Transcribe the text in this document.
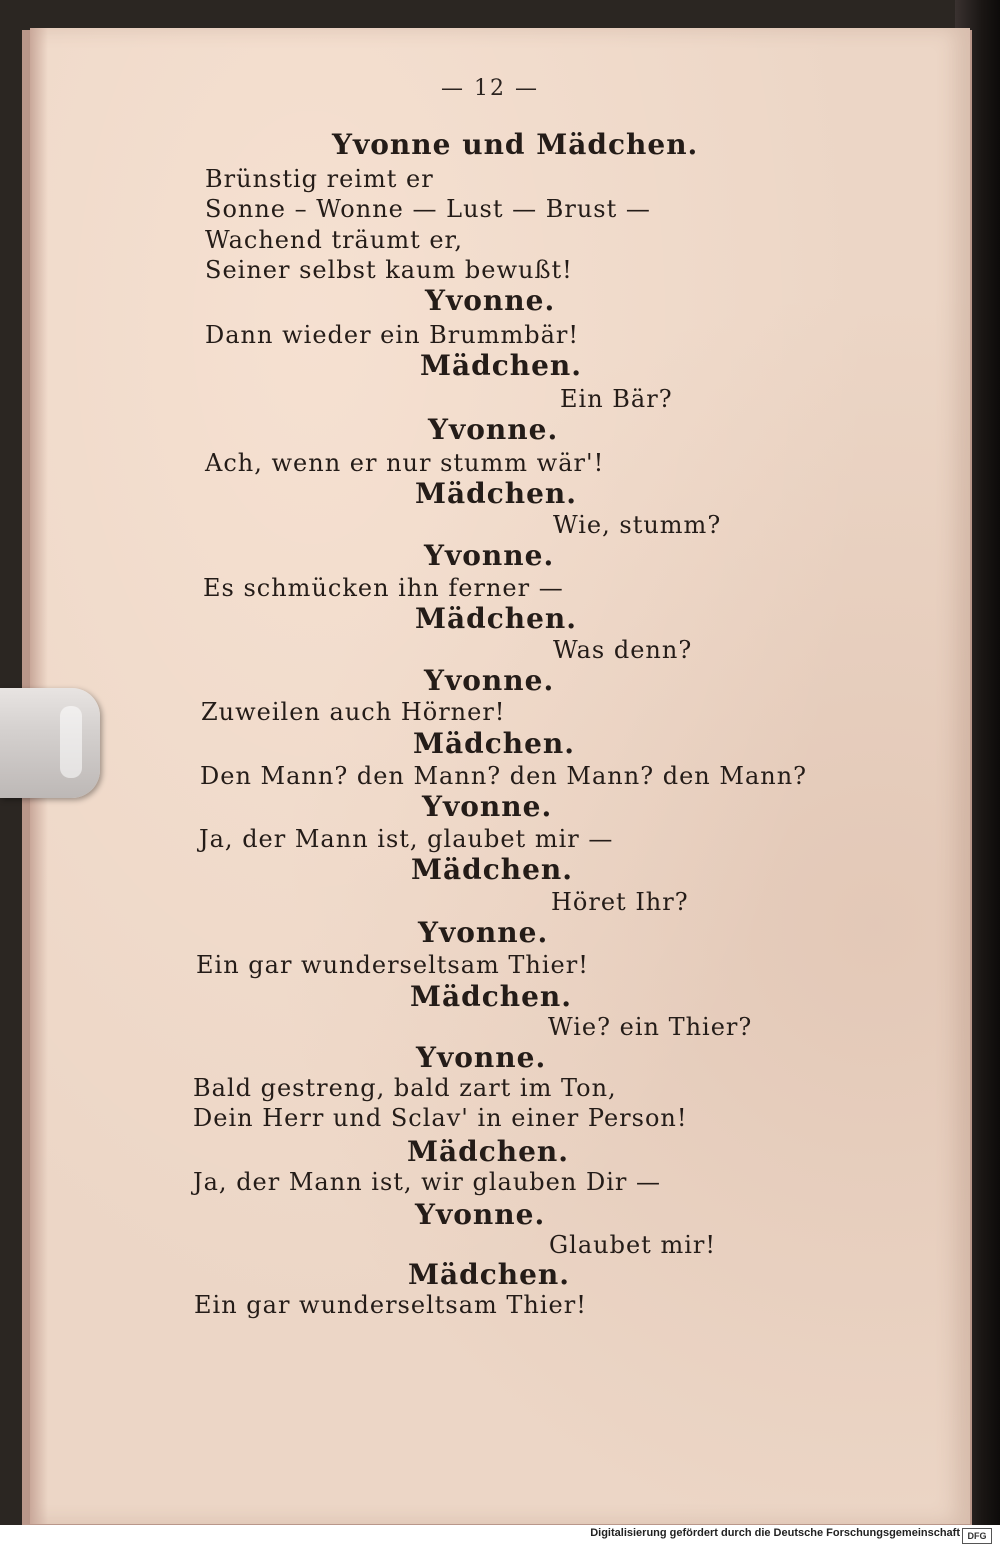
— 12 —
Yvonne und Mädchen.
Brünstig reimt er
Sonne – Wonne — Lust — Brust —
Wachend träumt er,
Seiner selbst kaum bewußt!
Yvonne.
Dann wieder ein Brummbär!
Mädchen.
Ein Bär?
Yvonne.
Ach, wenn er nur stumm wär'!
Mädchen.
Wie, stumm?
Yvonne.
Es schmücken ihn ferner —
Mädchen.
Was denn?
Yvonne.
Zuweilen auch Hörner!
Mädchen.
Den Mann? den Mann? den Mann? den Mann?
Yvonne.
Ja, der Mann ist, glaubet mir —
Mädchen.
Höret Ihr?
Yvonne.
Ein gar wunderseltsam Thier!
Mädchen.
Wie? ein Thier?
Yvonne.
Bald gestreng, bald zart im Ton,
Dein Herr und Sclav' in einer Person!
Mädchen.
Ja, der Mann ist, wir glauben Dir —
Yvonne.
Glaubet mir!
Mädchen.
Ein gar wunderseltsam Thier!
Digitalisierung gefördert durch die Deutsche Forschungsgemeinschaft DFG
